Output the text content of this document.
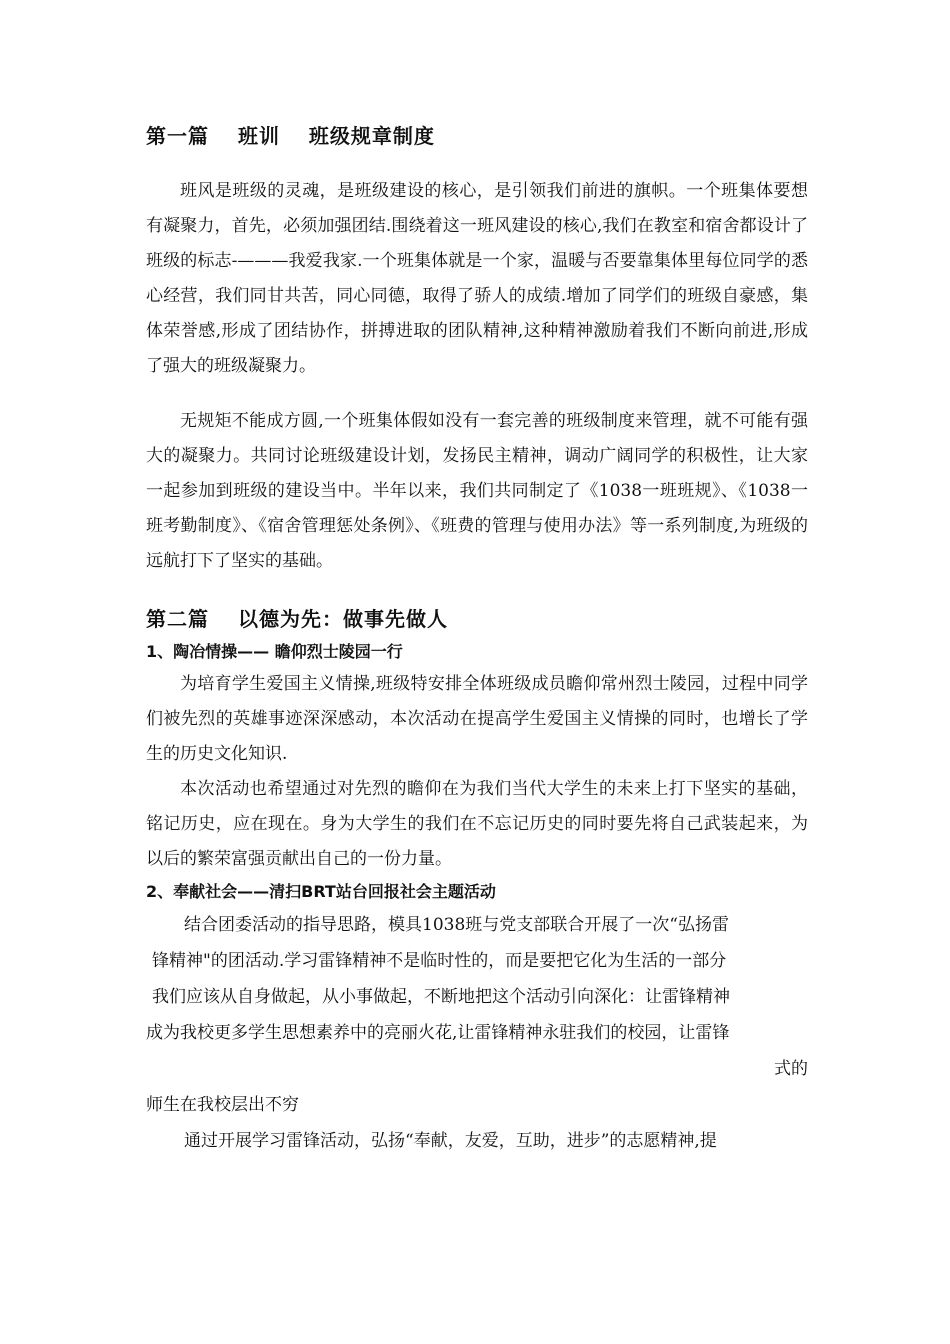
第一篇　 班训　 班级规章制度

班风是班级的灵魂，是班级建设的核心，是引领我们前进的旗帜。一个班集体要想有凝聚力，首先，必须加强团结.围绕着这一班风建设的核心,我们在教室和宿舍都设计了班级的标志-———我爱我家.一个班集体就是一个家，温暖与否要靠集体里每位同学的悉心经营，我们同甘共苦，同心同德，取得了骄人的成绩.增加了同学们的班级自豪感，集体荣誉感,形成了团结协作，拼搏进取的团队精神,这种精神激励着我们不断向前进,形成了强大的班级凝聚力。

无规矩不能成方圆,一个班集体假如没有一套完善的班级制度来管理，就不可能有强大的凝聚力。共同讨论班级建设计划，发扬民主精神，调动广阔同学的积极性，让大家一起参加到班级的建设当中。半年以来，我们共同制定了《1038一班班规》、《1038一班考勤制度》、《宿舍管理惩处条例》、《班费的管理与使用办法》等一系列制度,为班级的远航打下了坚实的基础。

第二篇　 以德为先：做事先做人
1、陶冶情操—— 瞻仰烈士陵园一行

为培育学生爱国主义情操,班级特安排全体班级成员瞻仰常州烈士陵园，过程中同学们被先烈的英雄事迹深深感动，本次活动在提高学生爱国主义情操的同时，也增长了学生的历史文化知识.

本次活动也希望通过对先烈的瞻仰在为我们当代大学生的未来上打下坚实的基础，铭记历史，应在现在。身为大学生的我们在不忘记历史的同时要先将自己武装起来，为以后的繁荣富强贡献出自己的一份力量。

2、奉献社会——清扫BRT站台回报社会主题活动
结合团委活动的指导思路，模具1038班与党支部联合开展了一次“弘扬雷
锋精神"的团活动.学习雷锋精神不是临时性的，而是要把它化为生活的一部分
我们应该从自身做起，从小事做起，不断地把这个活动引向深化：让雷锋精神
成为我校更多学生思想素养中的亮丽火花,让雷锋精神永驻我们的校园，让雷锋
式的
师生在我校层出不穷
通过开展学习雷锋活动，弘扬“奉献，友爱，互助，进步”的志愿精神,提
